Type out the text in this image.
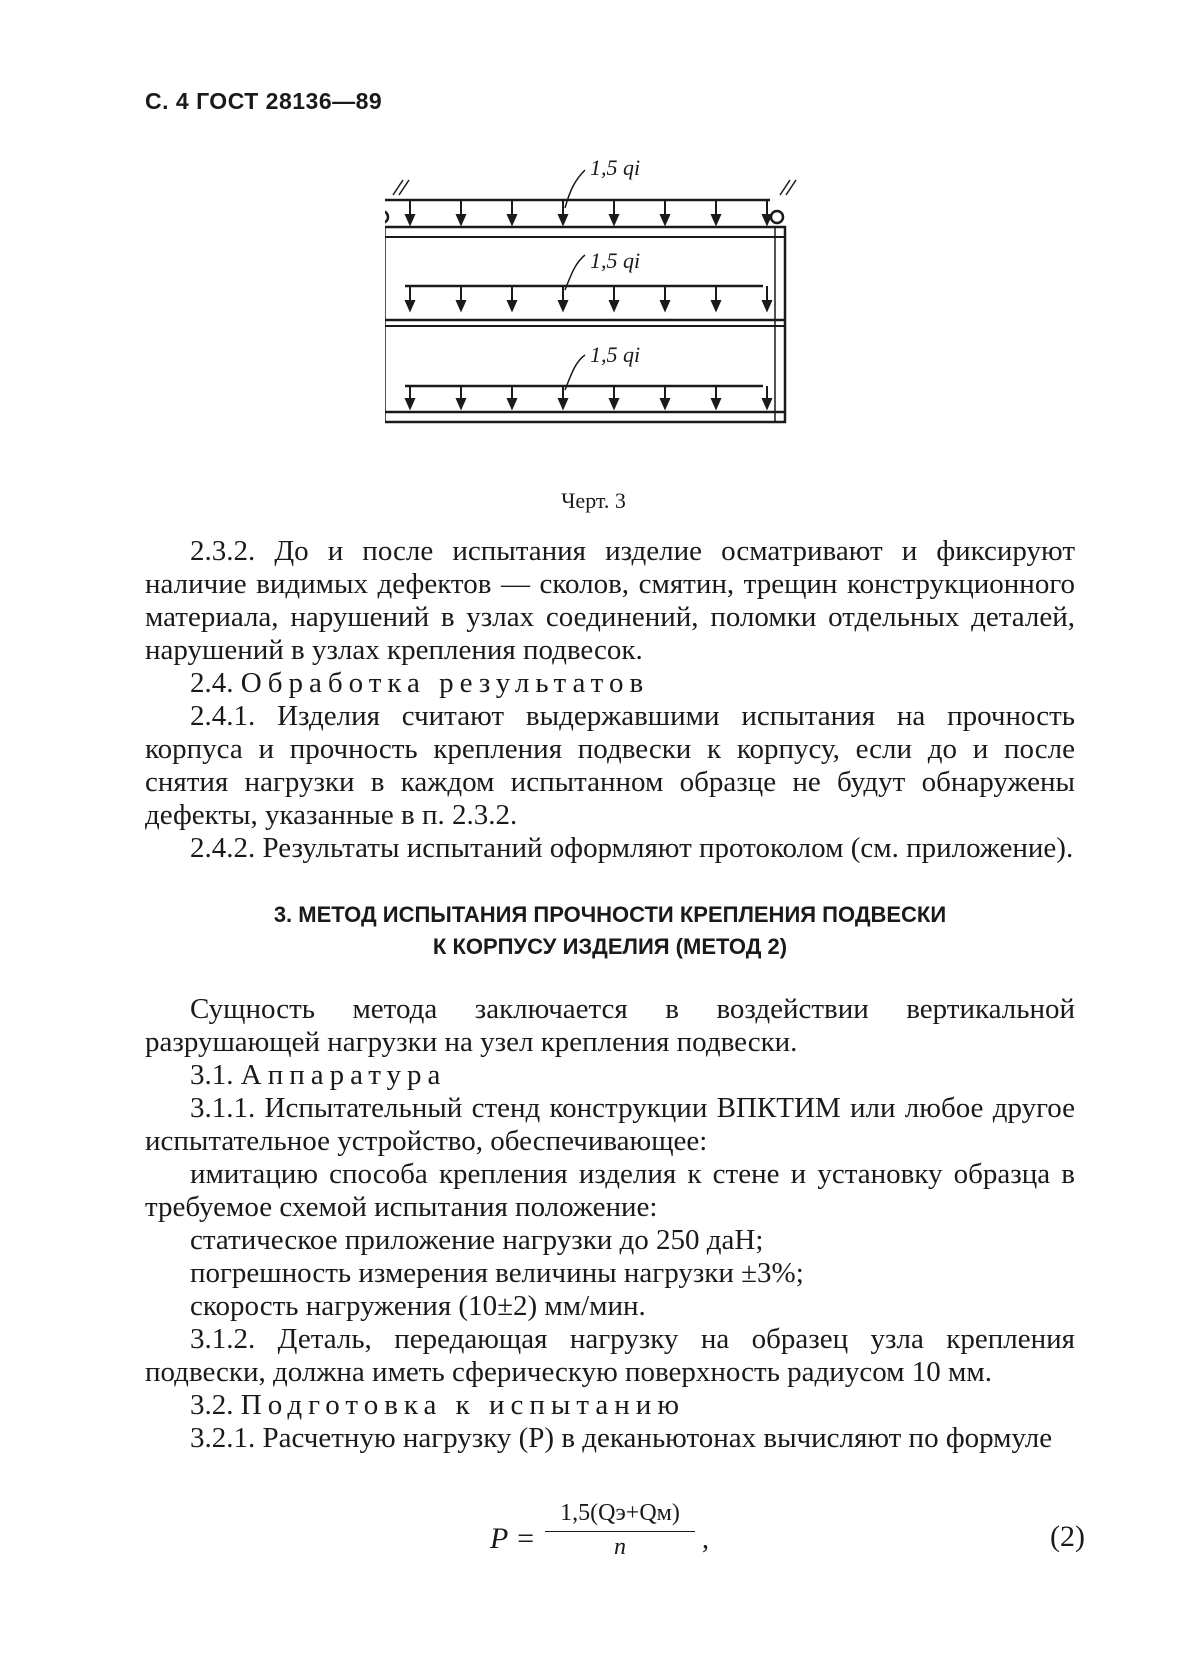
С. 4 ГОСТ 28136—89
1,5 qi
1,5 qi
1,5 qi
Черт. 3

2.3.2. До и после испытания изделие осматривают и фиксируют наличие видимых дефектов — сколов, смятин, трещин конструкционного материала, нарушений в узлах соединений, поломки отдельных деталей, нарушений в узлах крепления подвесок.

2.4. Обработка результатов

2.4.1. Изделия считают выдержавшими испытания на прочность корпуса и прочность крепления подвески к корпусу, если до и после снятия нагрузки в каждом испытанном образце не будут обнаружены дефекты, указанные в п. 2.3.2.

2.4.2. Результаты испытаний оформляют протоколом (см. приложение).

3. МЕТОД ИСПЫТАНИЯ ПРОЧНОСТИ КРЕПЛЕНИЯ ПОДВЕСКИ
К КОРПУСУ ИЗДЕЛИЯ (МЕТОД 2)

Сущность метода заключается в воздействии вертикальной разрушающей нагрузки на узел крепления подвески.

3.1. Аппаратура

3.1.1. Испытательный стенд конструкции ВПКТИМ или любое другое испытательное устройство, обеспечивающее:

имитацию способа крепления изделия к стене и установку образца в требуемое схемой испытания положение:

статическое приложение нагрузки до 250 даН;

погрешность измерения величины нагрузки ±3%;

скорость нагружения (10±2) мм/мин.

3.1.2. Деталь, передающая нагрузку на образец узла крепления подвески, должна иметь сферическую поверхность радиусом 10 мм.

3.2. Подготовка к испытанию

3.2.1. Расчетную нагрузку (P) в деканьютонах вычисляют по формуле

P =
1,5(Qэ+Qм)
n	,	(2)
